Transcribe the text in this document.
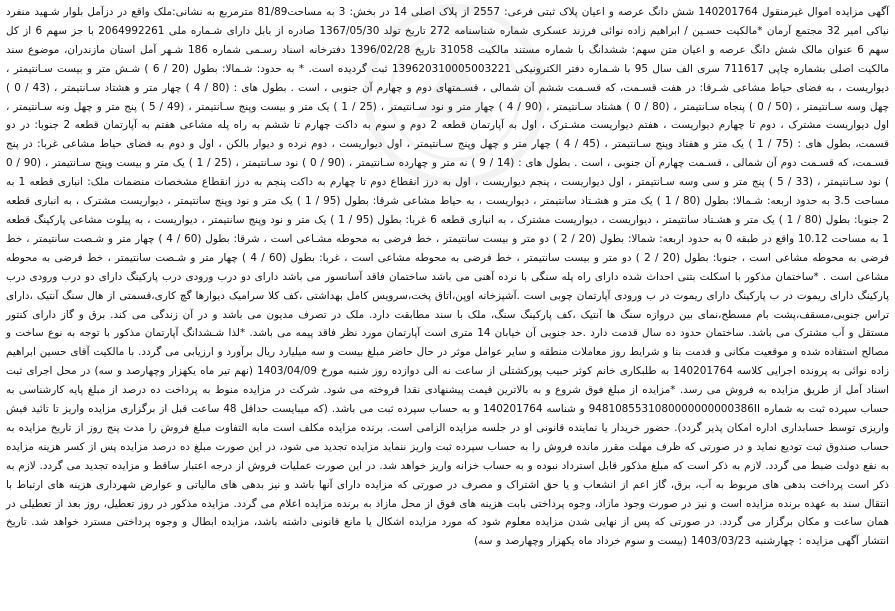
آگهی مزایده اموال غیرمنقول 140201764 شش دانگ عرصه و اعیان پلاک ثبتی فرعی: 2557 از پلاک اصلی 14 در بخش: 3 به مساحت81/89 مترمربع به نشانی:ملک واقع در دزآمل بلوار شـهید منفرد نیاکی امیر 32 مجتمع آرمان *مالکیت حسـین / ابراهیم زاده نوائی فرزند عسکری شماره شناسنامه 272 تاریخ تولد 1367/05/30 صادره از بابل دارای شـماره ملی 2064992261 با جز سهم 6 از کل سهم 6 عنوان مالک شش دانگ عرصه و اعیان متن سهم: ششدانگ با شماره مستند مالکیت 31058 تاریخ 1396/02/28 دفترخانه اسناد رسـمی شماره 186 شـهر آمل استان مازندران، موضوع سند مالکیت اصلی بشماره چاپی 711617 سری الف سال 95 با شـماره دفتر الکترونیکی 139620310005003221 ثبت گردیده است. * به حدود: شـمالا: بطول (20 / 6 ) شـش متر و بیست سـانتیمتر ، دیواریست ، به فضای حیاط مشاعی شـرقا: در هفت قسـمت، که قسـمت ششم آن شمالی ، قسـمتهای دوم و چهارم آن جنوبی ، است . بطول های : (80 / 4 ) چهار متر و هشتاد سـانتیمتر ، (43 / 0 ) چهل وسه سـانتیمتر ، (50 / 0 ) پنجاه سـانتیمتر ، (80 / 0 ) هشتاد سـانتیمتر ، (90 / 4 ) چهار متر و نود سـانتیمتر ، (25 / 1 ) یک متر و بیست وپنج سـانتیمتر ، (49 / 5 ) پنج متر و چهل ونه سـانتیمتر ، اول دیواریست مشترک ، دوم تا چهارم دیواریست ، هفتم دیواریست مشـترک ، اول به آپارتمان قطعه 2 دوم و سوم به داکت چهارم تا ششم به راه پله مشاعی هفتم به آپارتمان قطعه 2 جنوبا: در دو قسمت، بطول های : (75 / 1 ) یک متر و هفتاد وپنج سـانتیمتر ، (45 / 4 ) چهار متر و چهل وپنج سـانتیمتر ، اول دیواریست ، دوم نرده و دیوار بالکن ، اول و دوم به فضای حیاط مشاعی غربا: در پنج قسـمت، که قسـمت دوم آن شمالی ، قسـمت چهارم آن جنوبی ، است . بطول های : (14 / 9 ) نه متر و چهارده سـانتیمتر ، (90 / 0 ) نود سـانتیمتر ، (25 / 1 ) یک متر و بیست وپنج سـانتیمتر ، (90 / 0 ) نود سـانتیمتر ، (33 / 5 ) پنج متر و سی وسه سـانتیمتر ، اول دیواریست ، پنجم دیواریست ، اول به درز انقطاع دوم تا چهارم به داکت پنجم به درز انقطاع مشخصات منضمات ملک: انباری قطعه 1 به مساحت 3.5 به حدود اربعه: شـمالا: بطول (80 / 1 ) یک متر و هشـتاد سانتیمتر ، دیواریست ، به حیاط مشاعی شرقا: بطول (95 / 1 ) یک متر و نود وپنج سانتیمتر ، دیواریست مشترک ، به انباری قطعه 2 جنوبا: بطول (80 / 1 ) یک متر و هشـتاد سانتیمتر ، دیواریست ، دیواریست مشترک ، به انباری قطعه 6 غربا: بطول (95 / 1 ) یک متر و نود وپنج سانتیمتر ، دیواریست ، به پیلوت مشاعی پارکینگ قطعه 1 به مساحت 10.12 واقع در طبقه 0 به حدود اربعه: شمالا: بطول (20 / 2 ) دو متر و بیست سانتیمتر ، خط فرضی به محوطه مشـاعی است ، شرقا: بطول (60 / 4 ) چهار متر و شـصت سانتیمتر ، خط فرضی به محوطه مشاعی است ، جنوبا: بطول (20 / 2 ) دو متر و بیست سانتیمتر ، خط فرضی به محوطه مشاعی است ، غربا: بطول (60 / 4 ) چهار متر و شـصت سانتیمتر ، خط فرضی به محوطه مشاعی است . *ساختمان مذکور با اسکلت بتنی احداث شده دارای راه پله سنگی با نرده آهنی می باشد ساختمان فاقد آسانسور می باشد دارای دو درب ورودی درب پارکینگ دارای دو درب ورودی درب پارکینگ دارای ریموت در ب پارکینگ دارای ریموت در ب ورودی آپارتمان چوبی است .آشپزخانه اوپن،اتاق پخت،سرویس کامل بهداشتی ،کف کلا سرامیک دیوارها گچ کاری،قسمتی از هال سنگ آنتیک ،دارای تراس جنوبی،مسقف،پشت بام مسطح،نمای بین دروازه سنگ ها آنتیک ،کف پارکینگ سنگ، ملک با سند مطابقت دارد. ملک در تصرف مدیون می باشد و در آن زندگی می کند. برق و گاز دارای کنتور مستقل و آب مشترک می باشد. ساختمان حدود ده سال قدمت دارد .حد جنوبی آن خیابان 14 متری است آپارتمان مورد نظر فاقد پیمه می باشد. *لذا شـشدانگ آپارتمان مذکور با توجه به نوع ساخت و مصالح استفاده شده و موقعیت مکانی و قدمت بنا و شرایط روز معاملات منطقه و سایر عوامل موثر در حال حاضر مبلغ بیست و سه میلیارد ریال برآورد و ارزیابی می گردد. با مالکیت آقای حسین ابراهیم زاده نوائی به پرونده اجرایی کلاسه 140201764 به طلبکاری خانم کوثر حبیب پورکشتلی از ساعت نه الی دوازده روز شنبه مورخ 1403/04/09 (نهم تیر ماه یکهزار وچهارصد و سه) در محل اجرای ثبت اسناد آمل از طریق مزایده به فروش می رسد. *مزایده از مبلغ فوق شروع و به بالاترین قیمت پیشنهادی نقدا فروخته می شود. شرکت در مزایده منوط به پرداخت ده درصد از مبلغ پایه کارشناسی به حساب سپرده ثبت به شماره 9481085531080000000000386II و شناسه 140201764 و به حساب سپرده ثبت می باشد. (که میبایست حداقل 48 ساعت قبل از برگزاری مزایده واریز تا تائید فیش واریزی توسط حسابداری اداره امکان پذیر گردد). حضور خریدار یا نماینده قانونی او در جلسه مزایده الزامی است. برنده مزایده مکلف است مابه التفاوت مبلغ فروش را مدت پنج روز از تاریخ مزایده به حساب صندوق ثبت تودیع نماید و در صورتی که ظرف مهلت مقرر مانده فروش را به حساب سپرده ثبت واریز ننماید مزایده تجدید می شود، در این صورت مبلغ ده درصد مزایده پس از کسر هزینه مزایده به نفع دولت ضبط می گردد. لازم به ذکر است که مبلغ مذکور قابل استرداد نبوده و به حساب خزانه واریز خواهد شد. در این صورت عملیات فروش از درجه اعتبار ساقط و مزایده تجدید می گردد. لازم به ذکر است پرداخت بدهی های مربوط به آب، برق، گاز اعم از انشعاب و یا حق اشتراک و مصرف در صورتی که مزایده دارای آنها باشد و نیز بدهی های مالیاتی و عوارض شهرداری هزینه های ارتباط با انتقال سند به عهده برنده مزایده است و نیز در صورت وجود مازاد، وجوه پرداختی بابت هزینه های فوق از محل مازاد به برنده مزایده اعلام می گردد. مزایده مذکور در روز تعطیل، روز بعد از تعطیلی در همان ساعت و مکان برگزار می گردد. در صورتی که پس از نهایی شدن مزایده معلوم شود که مورد مزایده اشکال یا مانع قانونی داشته باشد، مزایده ابطال و وجوه پرداختی مسترد خواهد شد. تاریخ انتشار آگهی مزایده : چهارشنبه 1403/03/23 (بیست و سوم خرداد ماه یکهزار وچهارصد و سه)
